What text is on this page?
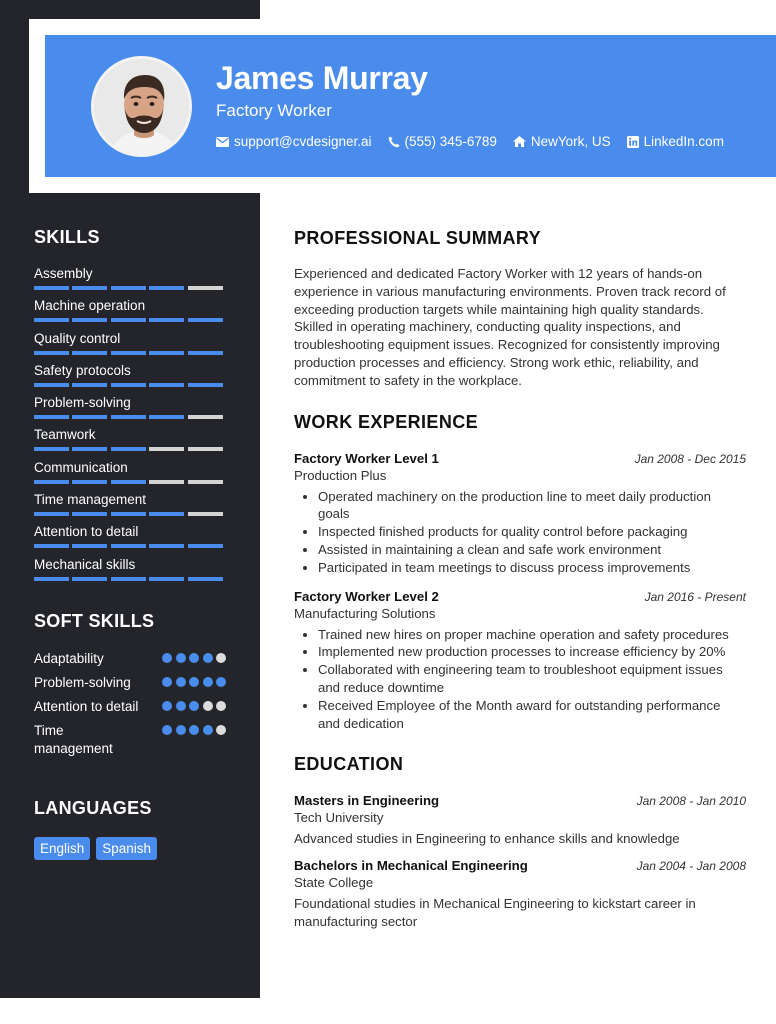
James Murray
Factory Worker
support@cvdesigner.ai (555) 345-6789	NewYork, US LinkedIn.com
SKILLS
Assembly
Machine operation
Quality control
Safety protocols
Problem-solving
Teamwork
Communication
Time management
Attention to detail
Mechanical skills
SOFT SKILLS
Adaptability
Problem-solving
Attention to detail
Time management
LANGUAGES
English	Spanish
PROFESSIONAL SUMMARY

Experienced and dedicated Factory Worker with 12 years of hands-on experience in various manufacturing environments. Proven track record of exceeding production targets while maintaining high quality standards. Skilled in operating machinery, conducting quality inspections, and troubleshooting equipment issues. Recognized for consistently improving production processes and efficiency. Strong work ethic, reliability, and commitment to safety in the workplace.

WORK EXPERIENCE
Factory Worker Level 1	Jan 2008 - Dec 2015
Production Plus
• Operated machinery on the production line to meet daily production goals
• Inspected finished products for quality control before packaging
• Assisted in maintaining a clean and safe work environment
• Participated in team meetings to discuss process improvements
Factory Worker Level 2	Jan 2016 - Present
Manufacturing Solutions
• Trained new hires on proper machine operation and safety procedures
• Implemented new production processes to increase efficiency by 20%
• Collaborated with engineering team to troubleshoot equipment issues and reduce downtime
• Received Employee of the Month award for outstanding performance and dedication
EDUCATION
Masters in Engineering	Jan 2008 - Jan 2010
Tech University
Advanced studies in Engineering to enhance skills and knowledge
Bachelors in Mechanical Engineering	Jan 2004 - Jan 2008
State College
Foundational studies in Mechanical Engineering to kickstart career in manufacturing sector
